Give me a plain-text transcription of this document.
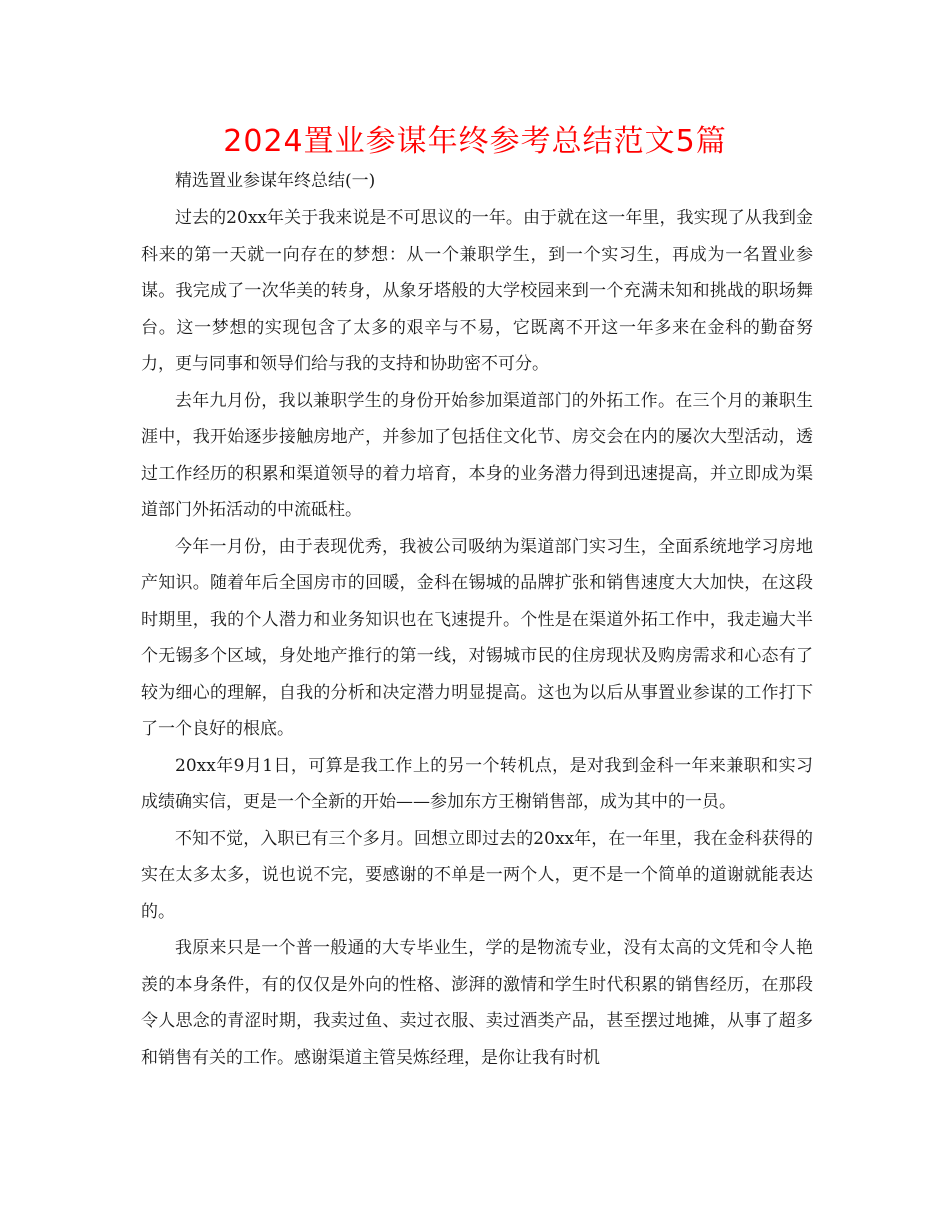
2024置业参谋年终参考总结范文5篇
精选置业参谋年终总结(一)

过去的20xx年关于我来说是不可思议的一年。由于就在这一年里，我实现了从我到金科来的第一天就一向存在的梦想：从一个兼职学生，到一个实习生，再成为一名置业参谋。我完成了一次华美的转身，从象牙塔般的大学校园来到一个充满未知和挑战的职场舞台。这一梦想的实现包含了太多的艰辛与不易，它既离不开这一年多来在金科的勤奋努力，更与同事和领导们给与我的支持和协助密不可分。

去年九月份，我以兼职学生的身份开始参加渠道部门的外拓工作。在三个月的兼职生涯中，我开始逐步接触房地产，并参加了包括住文化节、房交会在内的屡次大型活动，透过工作经历的积累和渠道领导的着力培育，本身的业务潜力得到迅速提高，并立即成为渠道部门外拓活动的中流砥柱。

今年一月份，由于表现优秀，我被公司吸纳为渠道部门实习生，全面系统地学习房地产知识。随着年后全国房市的回暖，金科在锡城的品牌扩张和销售速度大大加快，在这段时期里，我的个人潜力和业务知识也在飞速提升。个性是在渠道外拓工作中，我走遍大半个无锡多个区域，身处地产推行的第一线，对锡城市民的住房现状及购房需求和心态有了较为细心的理解，自我的分析和决定潜力明显提高。这也为以后从事置业参谋的工作打下了一个良好的根底。

20xx年9月1日，可算是我工作上的另一个转机点，是对我到金科一年来兼职和实习成绩确实信，更是一个全新的开始——参加东方王榭销售部，成为其中的一员。

不知不觉，入职已有三个多月。回想立即过去的20xx年，在一年里，我在金科获得的实在太多太多，说也说不完，要感谢的不单是一两个人，更不是一个简单的道谢就能表达的。

我原来只是一个普一般通的大专毕业生，学的是物流专业，没有太高的文凭和令人艳羡的本身条件，有的仅仅是外向的性格、澎湃的激情和学生时代积累的销售经历，在那段令人思念的青涩时期，我卖过鱼、卖过衣服、卖过酒类产品，甚至摆过地摊，从事了超多和销售有关的工作。感谢渠道主管吴炼经理，是你让我有时机
